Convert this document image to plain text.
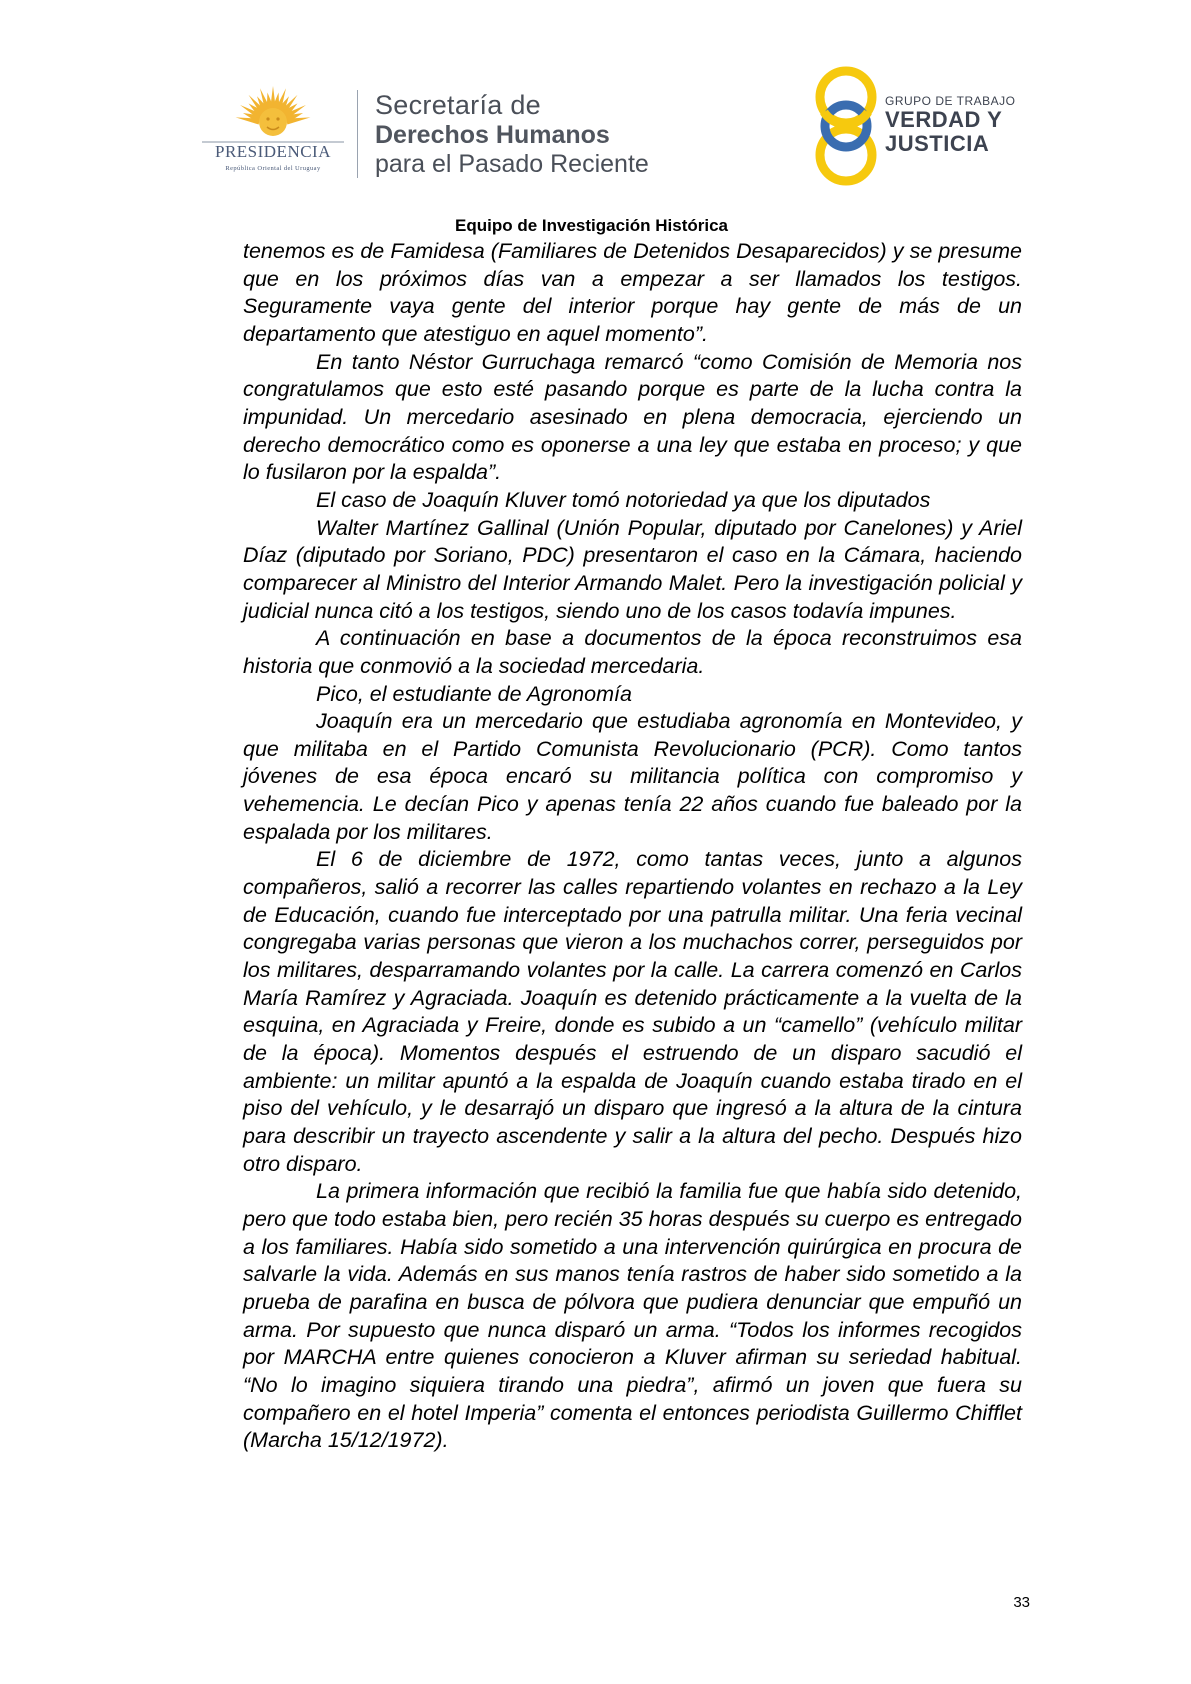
PRESIDENCIA
República Oriental del Uruguay
Secretaría de
Derechos Humanos
para el Pasado Reciente
GRUPO DE TRABAJO
VERDAD Y
JUSTICIA
Equipo de Investigación Histórica

tenemos es de Famidesa (Familiares de Detenidos Desaparecidos) y se presume que en los próximos días van a empezar a ser llamados los testigos. Seguramente vaya gente del interior porque hay gente de más de un departamento que atestiguo en aquel momento”.

En tanto Néstor Gurruchaga remarcó “como Comisión de Memoria nos congratulamos que esto esté pasando porque es parte de la lucha contra la impunidad. Un mercedario asesinado en plena democracia, ejerciendo un derecho democrático como es oponerse a una ley que estaba en proceso; y que lo fusilaron por la espalda”.

El caso de Joaquín Kluver tomó notoriedad ya que los diputados

Walter Martínez Gallinal (Unión Popular, diputado por Canelones) y Ariel Díaz (diputado por Soriano, PDC) presentaron el caso en la Cámara, haciendo comparecer al Ministro del Interior Armando Malet. Pero la investigación policial y judicial nunca citó a los testigos, siendo uno de los casos todavía impunes.

A continuación en base a documentos de la época reconstruimos esa historia que conmovió a la sociedad mercedaria.

Pico, el estudiante de Agronomía

Joaquín era un mercedario que estudiaba agronomía en Montevideo, y que militaba en el Partido Comunista Revolucionario (PCR). Como tantos jóvenes de esa época encaró su militancia política con compromiso y vehemencia. Le decían Pico y apenas tenía 22 años cuando fue baleado por la espalada por los militares.

El 6 de diciembre de 1972, como tantas veces, junto a algunos compañeros, salió a recorrer las calles repartiendo volantes en rechazo a la Ley de Educación, cuando fue interceptado por una patrulla militar. Una feria vecinal congregaba varias personas que vieron a los muchachos correr, perseguidos por los militares, desparramando volantes por la calle. La carrera comenzó en Carlos María Ramírez y Agraciada. Joaquín es detenido prácticamente a la vuelta de la esquina, en Agraciada y Freire, donde es subido a un “camello” (vehículo militar de la época). Momentos después el estruendo de un disparo sacudió el ambiente: un militar apuntó a la espalda de Joaquín cuando estaba tirado en el piso del vehículo, y le desarrajó un disparo que ingresó a la altura de la cintura para describir un trayecto ascendente y salir a la altura del pecho. Después hizo otro disparo.

La primera información que recibió la familia fue que había sido detenido, pero que todo estaba bien, pero recién 35 horas después su cuerpo es entregado a los familiares. Había sido sometido a una intervención quirúrgica en procura de salvarle la vida. Además en sus manos tenía rastros de haber sido sometido a la prueba de parafina en busca de pólvora que pudiera denunciar que empuñó un arma. Por supuesto que nunca disparó un arma. “Todos los informes recogidos por MARCHA entre quienes conocieron a Kluver afirman su seriedad habitual. “No lo imagino siquiera tirando una piedra”, afirmó un joven que fuera su compañero en el hotel Imperia” comenta el entonces periodista Guillermo Chifflet (Marcha 15/12/1972).

33
